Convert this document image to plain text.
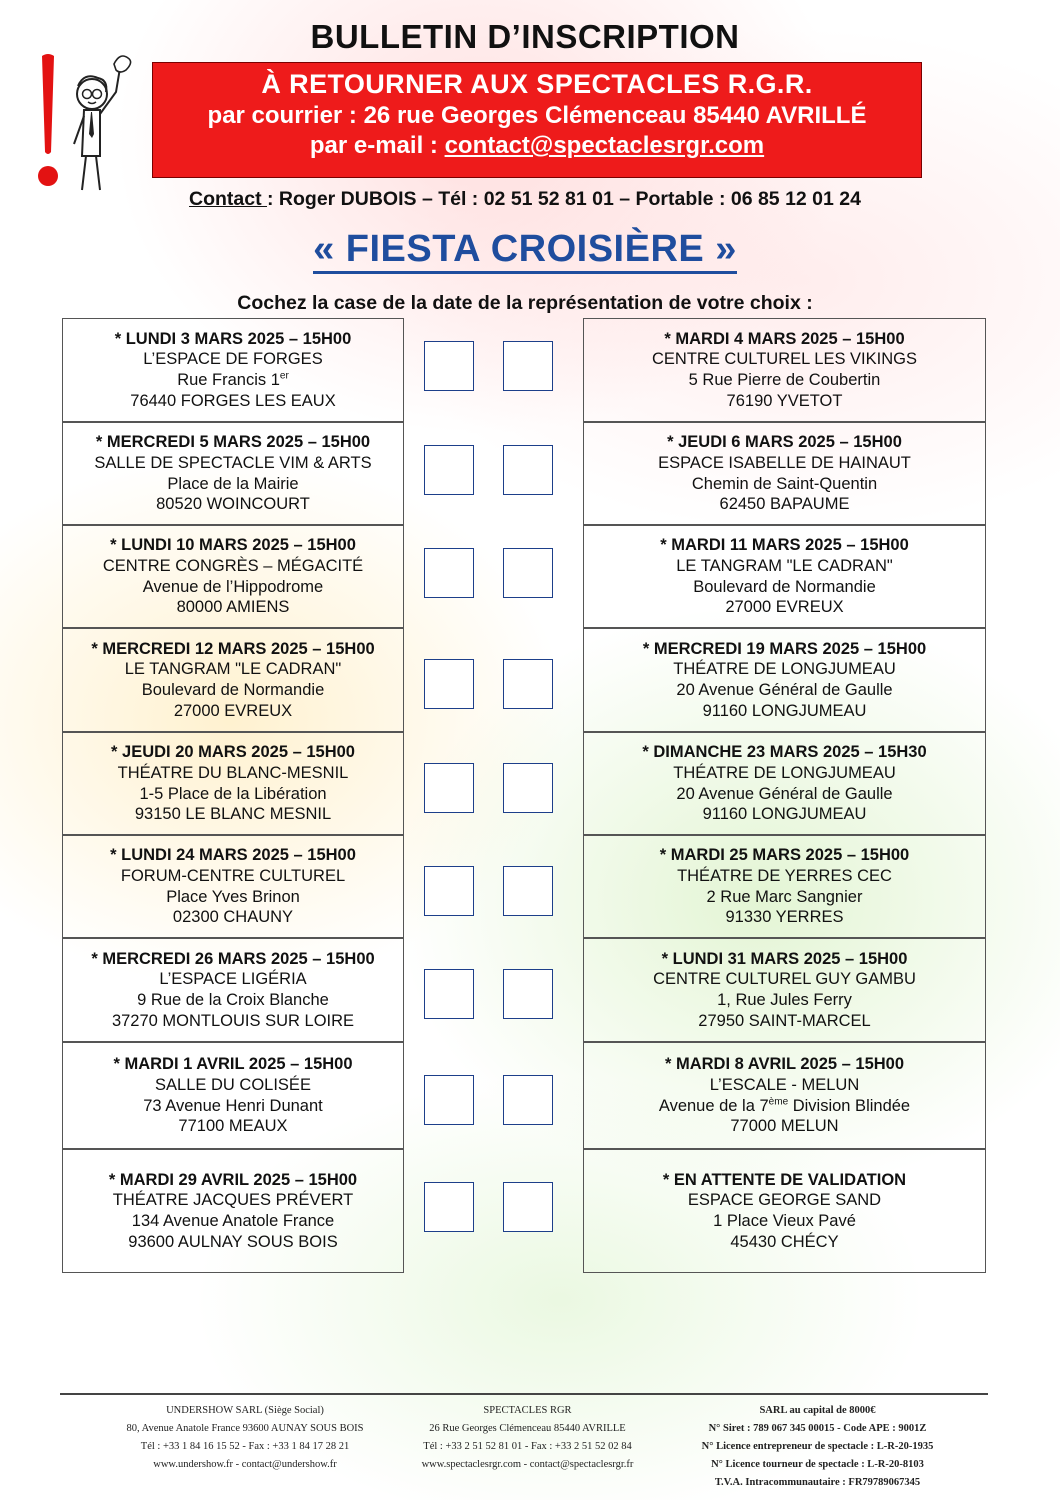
BULLETIN D’INSCRIPTION
À RETOURNER AUX SPECTACLES R.G.R.
par courrier : 26 rue Georges Clémenceau 85440 AVRILLÉ
par e-mail : contact@spectaclesrgr.com
Contact : Roger DUBOIS – Tél : 02 51 52 81 01 – Portable : 06 85 12 01 24
« FIESTA CROISIÈRE »
Cochez la case de la date de la représentation de votre choix :
* LUNDI 3 MARS 2025 – 15H00
L’ESPACE DE FORGES
Rue Francis 1er
76440 FORGES LES EAUX
* MARDI 4 MARS 2025 – 15H00
CENTRE CULTUREL LES VIKINGS
5 Rue Pierre de Coubertin
76190 YVETOT
* MERCREDI 5 MARS 2025 – 15H00
SALLE DE SPECTACLE VIM & ARTS
Place de la Mairie
80520 WOINCOURT
* JEUDI 6 MARS 2025 – 15H00
ESPACE ISABELLE DE HAINAUT
Chemin de Saint-Quentin
62450 BAPAUME
* LUNDI 10 MARS 2025 – 15H00
CENTRE CONGRÈS – MÉGACITÉ
Avenue de l’Hippodrome
80000 AMIENS
* MARDI 11 MARS 2025 – 15H00
LE TANGRAM "LE CADRAN"
Boulevard de Normandie
27000 EVREUX
* MERCREDI 12 MARS 2025 – 15H00
LE TANGRAM "LE CADRAN"
Boulevard de Normandie
27000 EVREUX
* MERCREDI 19 MARS 2025 – 15H00
THÉATRE DE LONGJUMEAU
20 Avenue Général de Gaulle
91160 LONGJUMEAU
* JEUDI 20 MARS 2025 – 15H00
THÉATRE DU BLANC-MESNIL
1-5 Place de la Libération
93150 LE BLANC MESNIL
* DIMANCHE 23 MARS 2025 – 15H30
THÉATRE DE LONGJUMEAU
20 Avenue Général de Gaulle
91160 LONGJUMEAU
* LUNDI 24 MARS 2025 – 15H00
FORUM-CENTRE CULTUREL
Place Yves Brinon
02300 CHAUNY
* MARDI 25 MARS 2025 – 15H00
THÉATRE DE YERRES CEC
2 Rue Marc Sangnier
91330 YERRES
* MERCREDI 26 MARS 2025 – 15H00
L’ESPACE LIGÉRIA
9 Rue de la Croix Blanche
37270 MONTLOUIS SUR LOIRE
* LUNDI 31 MARS 2025 – 15H00
CENTRE CULTUREL GUY GAMBU
1, Rue Jules Ferry
27950 SAINT-MARCEL
* MARDI 1 AVRIL 2025 – 15H00
SALLE DU COLISÉE
73 Avenue Henri Dunant
77100 MEAUX
* MARDI 8 AVRIL 2025 – 15H00
L’ESCALE - MELUN
Avenue de la 7ème Division Blindée
77000 MELUN
* MARDI 29 AVRIL 2025 – 15H00
THÉATRE JACQUES PRÉVERT
134 Avenue Anatole France
93600 AULNAY SOUS BOIS
* EN ATTENTE DE VALIDATION
ESPACE GEORGE SAND
1 Place Vieux Pavé
45430 CHÉCY
UNDERSHOW SARL (Siège Social)
80, Avenue Anatole France 93600 AUNAY SOUS BOIS
Tél : +33 1 84 16 15 52 - Fax : +33 1 84 17 28 21
www.undershow.fr - contact@undershow.fr
SPECTACLES RGR
26 Rue Georges Clémenceau 85440 AVRILLE
Tél : +33 2 51 52 81 01 - Fax : +33 2 51 52 02 84
www.spectaclesrgr.com - contact@spectaclesrgr.fr
SARL au capital de 8000€
N° Siret : 789 067 345 00015 - Code APE : 9001Z
N° Licence entrepreneur de spectacle : L-R-20-1935
N° Licence tourneur de spectacle : L-R-20-8103
T.V.A. Intracommunautaire : FR79789067345
